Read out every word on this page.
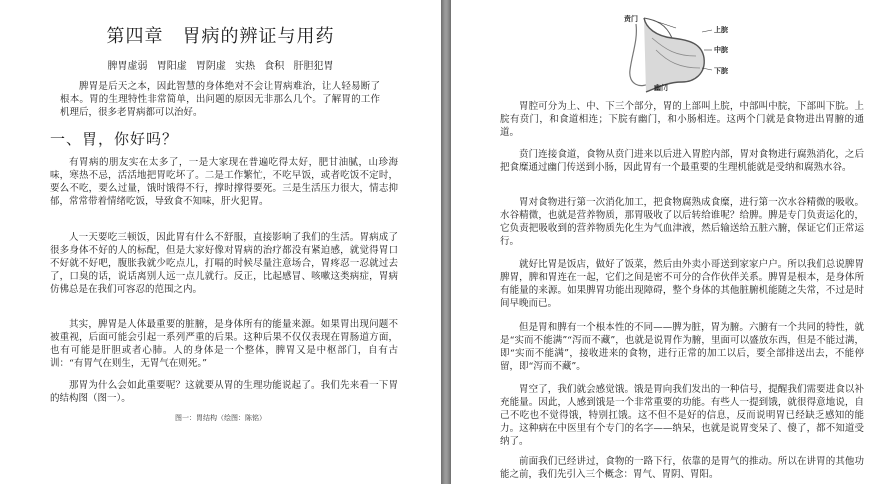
第四章　胃病的辨证与用药
脾胃虚弱 胃阳虚 胃阴虚 实热 食积 肝胆犯胃
脾胃是后天之本，因此智慧的身体绝对不会让胃病难治，让人轻易断了根本。胃的生理特性非常简单，出问题的原因无非那么几个。了解胃的工作机理后，很多老胃病都可以治好。
一、胃，你好吗？
有胃病的朋友实在太多了，一是大家现在普遍吃得太好，肥甘油腻，山珍海味，寒热不忌，活活地把胃吃坏了。二是工作繁忙，不吃早饭，或者吃饭不定时，要么不吃，要么过量，饿时饿得不行，撑时撑得要死。三是生活压力很大，情志抑郁，常常带着情绪吃饭，导致食不知味，肝火犯胃。
人一天要吃三顿饭，因此胃有什么不舒服，直接影响了我们的生活。胃病成了很多身体不好的人的标配，但是大家好像对胃病的治疗都没有紧迫感，就觉得胃口不好就不好吧，腹胀我就少吃点儿，打嗝的时候尽量注意场合，胃疼忍一忍就过去了，口臭的话，说话离别人远一点儿就行。反正，比起感冒、咳嗽这类病症，胃病仿佛总是在我们可容忍的范围之内。
其实，脾胃是人体最重要的脏腑，是身体所有的能量来源。如果胃出现问题不被重视，后面可能会引起一系列严重的后果。这种后果不仅仅表现在胃肠道方面，也有可能是肝胆或者心肺。人的身体是一个整体，脾胃又是中枢部门，自有古训：“有胃气在则生，无胃气在则死。”
那胃为什么会如此重要呢？这就要从胃的生理功能说起了。我们先来看一下胃的结构图（图一）。
图一：胃结构（绘图：陈铭）
贲门
上脘
中脘
下脘
幽门
胃腔可分为上、中、下三个部分，胃的上部叫上脘，中部叫中脘，下部叫下脘。上脘有贲门，和食道相连；下脘有幽门，和小肠相连。这两个门就是食物进出胃腑的通道。
贲门连接食道，食物从贲门进来以后进入胃腔内部，胃对食物进行腐熟消化，之后把食糜通过幽门传送到小肠，因此胃有一个最重要的生理机能就是受纳和腐熟水谷。
胃对食物进行第一次消化加工，把食物腐熟成食糜，进行第一次水谷精微的吸收。水谷精微，也就是营养物质，那胃吸收了以后转给谁呢？给脾。脾是专门负责运化的，它负责把吸收到的营养物质先化生为气血津液，然后输送给五脏六腑，保证它们正常运行。
就好比胃是饭店，做好了饭菜，然后由外卖小哥送到家家户户。所以我们总说脾胃脾胃，脾和胃连在一起，它们之间是密不可分的合作伙伴关系。脾胃是根本，是身体所有能量的来源。如果脾胃功能出现障碍，整个身体的其他脏腑机能随之失常，不过是时间早晚而已。
但是胃和脾有一个根本性的不同——脾为脏，胃为腑。六腑有一个共同的特性，就是“实而不能满”“泻而不藏”，也就是说胃作为腑，里面可以盛放东西，但是不能过满，即“实而不能满”，接收进来的食物，进行正常的加工以后，要全部排送出去，不能停留，即“泻而不藏”。
胃空了，我们就会感觉饿。饿是胃向我们发出的一种信号，提醒我们需要进食以补充能量。因此，人感到饿是一个非常重要的功能。有些人一提到饿，就很得意地说，自己不吃也不觉得饿，特别扛饿。这不但不是好的信息，反而说明胃已经缺乏感知的能力。这种病在中医里有个专门的名字——纳呆，也就是说胃变呆了、傻了，都不知道受纳了。
前面我们已经讲过，食物的一路下行，依靠的是胃气的推动。所以在讲胃的其他功能之前，我们先引入三个概念：胃气、胃阴、胃阳。
